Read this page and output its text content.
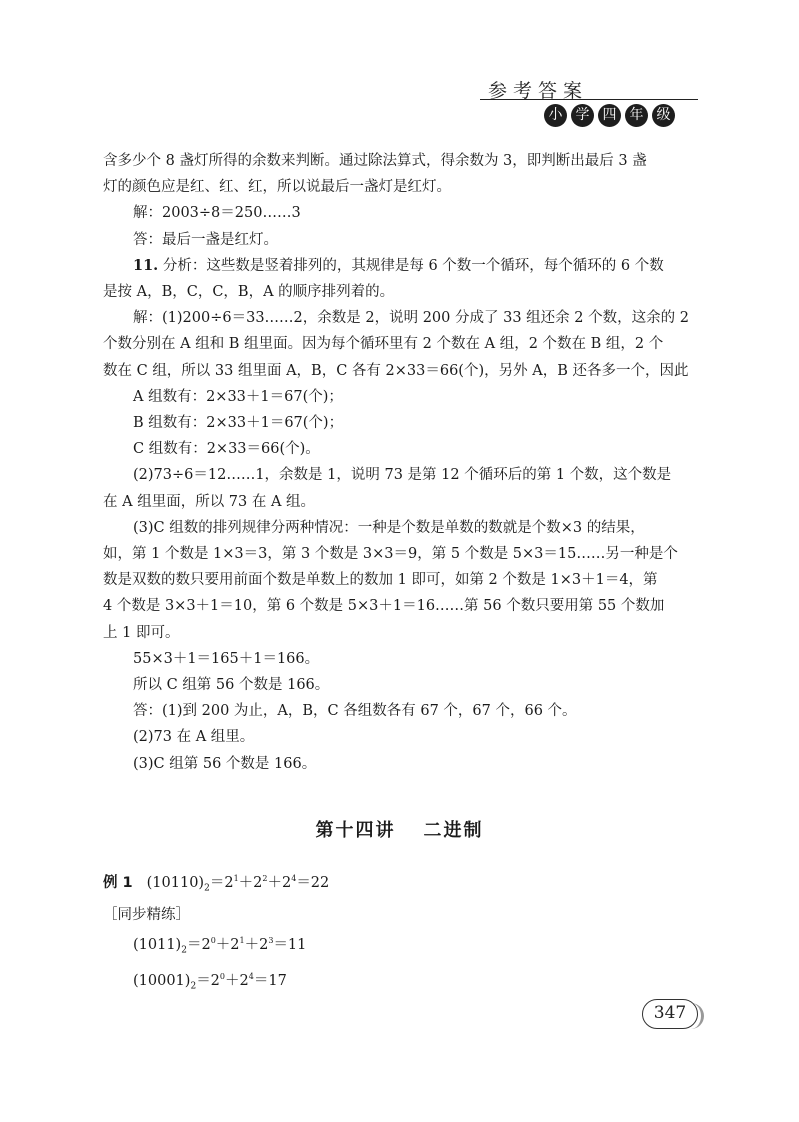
参考答案
小 学 四 年 级

含多少个 8 盏灯所得的余数来判断。通过除法算式，得余数为 3，即判断出最后 3 盏

灯的颜色应是红、红、红，所以说最后一盏灯是红灯。

解：2003÷8＝250……3

答：最后一盏是红灯。

11. 分析：这些数是竖着排列的，其规律是每 6 个数一个循环，每个循环的 6 个数

是按 A，B，C，C，B，A 的顺序排列着的。

解：(1)200÷6＝33……2，余数是 2，说明 200 分成了 33 组还余 2 个数，这余的 2

个数分别在 A 组和 B 组里面。因为每个循环里有 2 个数在 A 组，2 个数在 B 组，2 个

数在 C 组，所以 33 组里面 A，B，C 各有 2×33＝66(个)，另外 A，B 还各多一个，因此

A 组数有：2×33＋1＝67(个)；

B 组数有：2×33＋1＝67(个)；

C 组数有：2×33＝66(个)。

(2)73÷6＝12……1，余数是 1，说明 73 是第 12 个循环后的第 1 个数，这个数是

在 A 组里面，所以 73 在 A 组。

(3)C 组数的排列规律分两种情况：一种是个数是单数的数就是个数×3 的结果，

如，第 1 个数是 1×3＝3，第 3 个数是 3×3＝9，第 5 个数是 5×3＝15……另一种是个

数是双数的数只要用前面个数是单数上的数加 1 即可，如第 2 个数是 1×3＋1＝4，第

4 个数是 3×3＋1＝10，第 6 个数是 5×3＋1＝16……第 56 个数只要用第 55 个数加

上 1 即可。

55×3＋1＝165＋1＝166。

所以 C 组第 56 个数是 166。

答：(1)到 200 为止，A，B，C 各组数各有 67 个，67 个，66 个。

(2)73 在 A 组里。

(3)C 组第 56 个数是 166。

第十四讲 二进制

例 1 $(10110)_2=2^1+2^2+2^4=22$

［同步精练］

$(1011)_2=2^0+2^1+2^3=11$

$(10001)_2=2^0+2^4=17$

347
